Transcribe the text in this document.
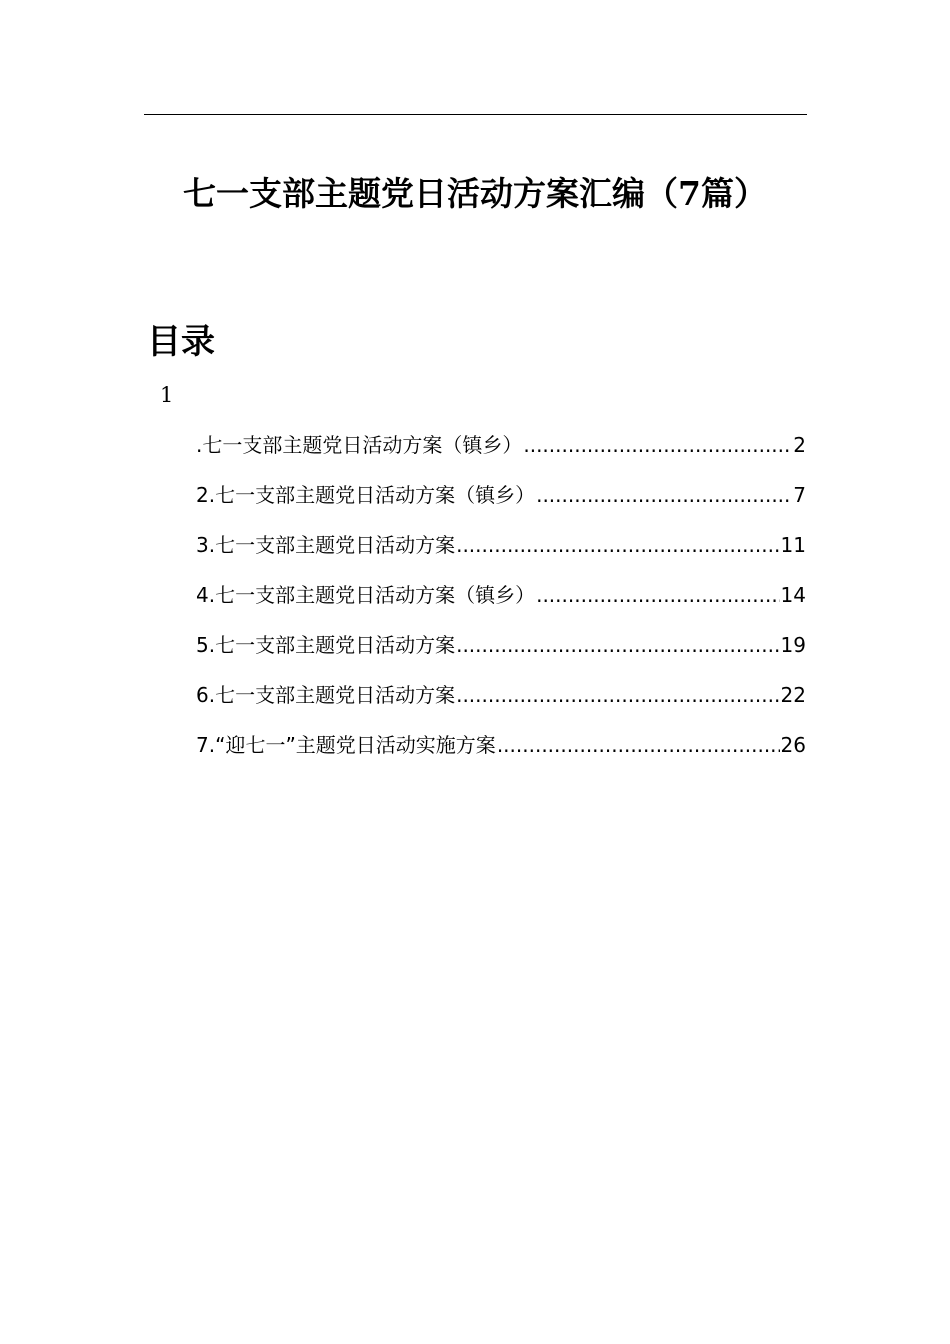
七一支部主题党日活动方案汇编（7篇）
目录
1
.七一支部主题党日活动方案（镇乡） .....	2
2.七一支部主题党日活动方案（镇乡） .....	7
3.七一支部主题党日活动方案 .....	11
4.七一支部主题党日活动方案（镇乡） .....	14
5.七一支部主题党日活动方案 .....	19
6.七一支部主题党日活动方案 .....	22
7.“迎七一”主题党日活动实施方案 .....	26
